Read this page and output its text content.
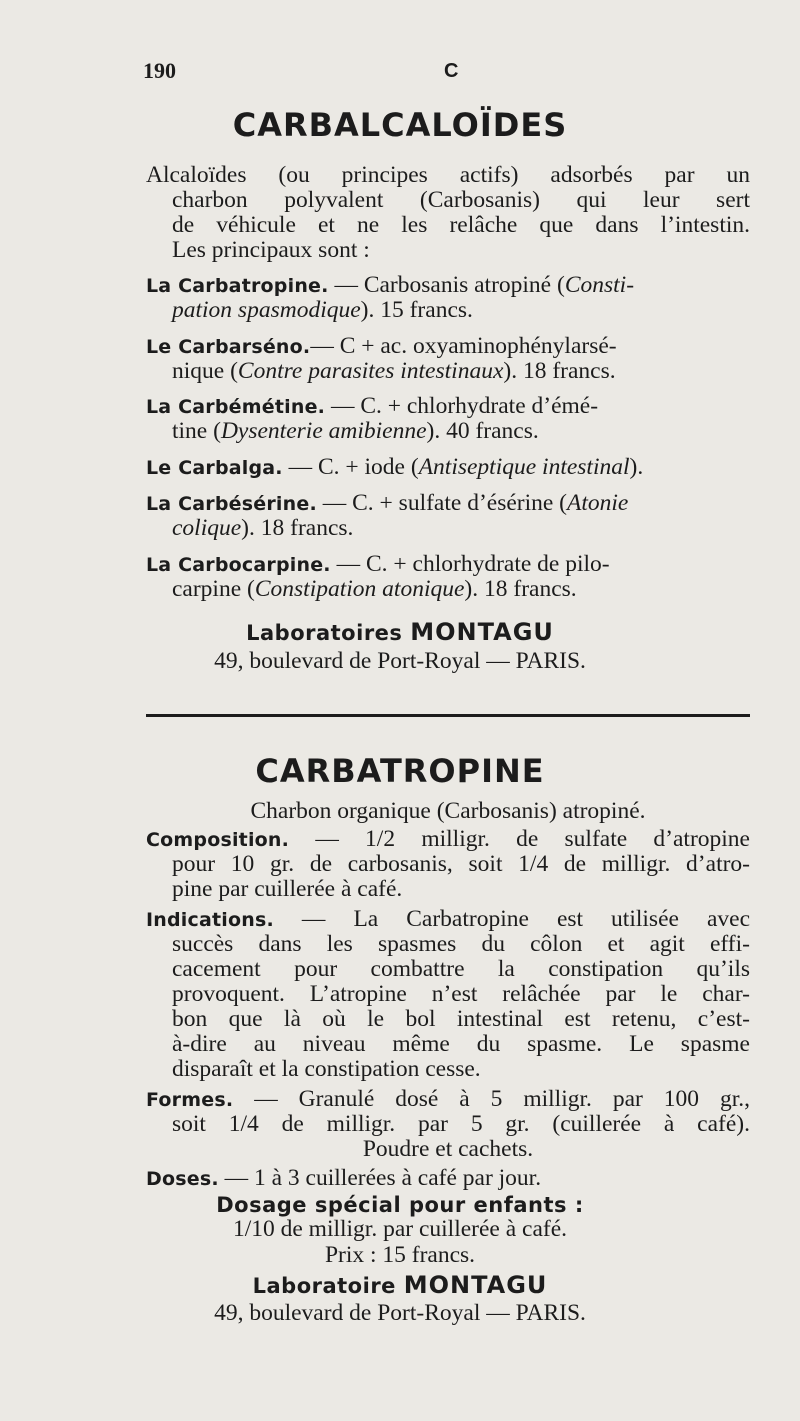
190	C
CARBALCALOÏDES
Alcaloïdes (ou principes actifs) adsorbés par un
charbon polyvalent (Carbosanis) qui leur sert
de véhicule et ne les relâche que dans l’intestin.
Les principaux sont :
La Carbatropine. — Carbosanis atropiné (Consti-
pation spasmodique). 15 francs.
Le Carbarséno.— C + ac. oxyaminophénylarsé-
nique (Contre parasites intestinaux). 18 francs.
La Carbémétine. — C. + chlorhydrate d’émé-
tine (Dysenterie amibienne). 40 francs.
Le Carbalga. — C. + iode (Antiseptique intestinal).
La Carbésérine. — C. + sulfate d’ésérine (Atonie
colique). 18 francs.
La Carbocarpine. — C. + chlorhydrate de pilo-
carpine (Constipation atonique). 18 francs.
Laboratoires MONTAGU
49, boulevard de Port-Royal — PARIS.
CARBATROPINE
Charbon organique (Carbosanis) atropiné.
Composition. — 1/2 milligr. de sulfate d’atropine
pour 10 gr. de carbosanis, soit 1/4 de milligr. d’atro-
pine par cuillerée à café.
Indications. — La Carbatropine est utilisée avec
succès dans les spasmes du côlon et agit effi-
cacement pour combattre la constipation qu’ils
provoquent. L’atropine n’est relâchée par le char-
bon que là où le bol intestinal est retenu, c’est-
à-dire au niveau même du spasme. Le spasme
disparaît et la constipation cesse.
Formes. — Granulé dosé à 5 milligr. par 100 gr.,
soit 1/4 de milligr. par 5 gr. (cuillerée à café).
Poudre et cachets.
Doses. — 1 à 3 cuillerées à café par jour.
Dosage spécial pour enfants :
1/10 de milligr. par cuillerée à café.
Prix : 15 francs.
Laboratoire MONTAGU
49, boulevard de Port-Royal — PARIS.
